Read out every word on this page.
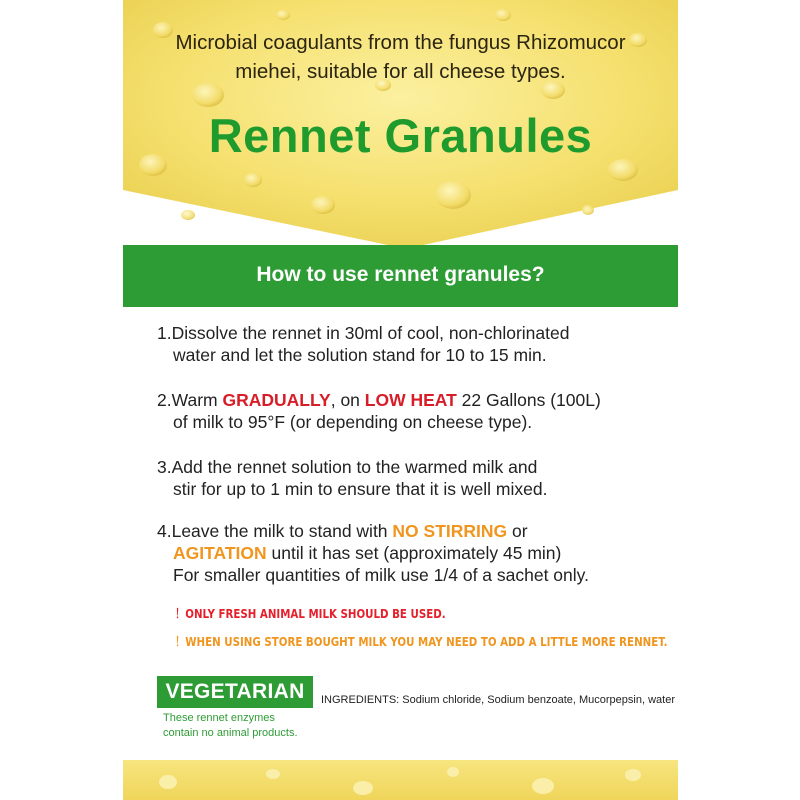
Microbial coagulants from the fungus Rhizomucor
miehei, suitable for all cheese types.
Rennet Granules
How to use rennet granules?
1.Dissolve the rennet in 30ml of cool, non-chlorinated
water and let the solution stand for 10 to 15 min.
2.Warm GRADUALLY, on LOW HEAT 22 Gallons (100L)
of milk to 95°F (or depending on cheese type).
3.Add the rennet solution to the warmed milk and
stir for up to 1 min to ensure that it is well mixed.
4.Leave the milk to stand with NO STIRRING or
AGITATION until it has set (approximately 45 min)
For smaller quantities of milk use 1/4 of a sachet only.
！ONLY FRESH ANIMAL MILK SHOULD BE USED.
！WHEN USING STORE BOUGHT MILK YOU MAY NEED TO ADD A LITTLE MORE RENNET.
VEGETARIAN
These rennet enzymes
contain no animal products.
INGREDIENTS: Sodium chloride, Sodium benzoate, Mucorpepsin, water
